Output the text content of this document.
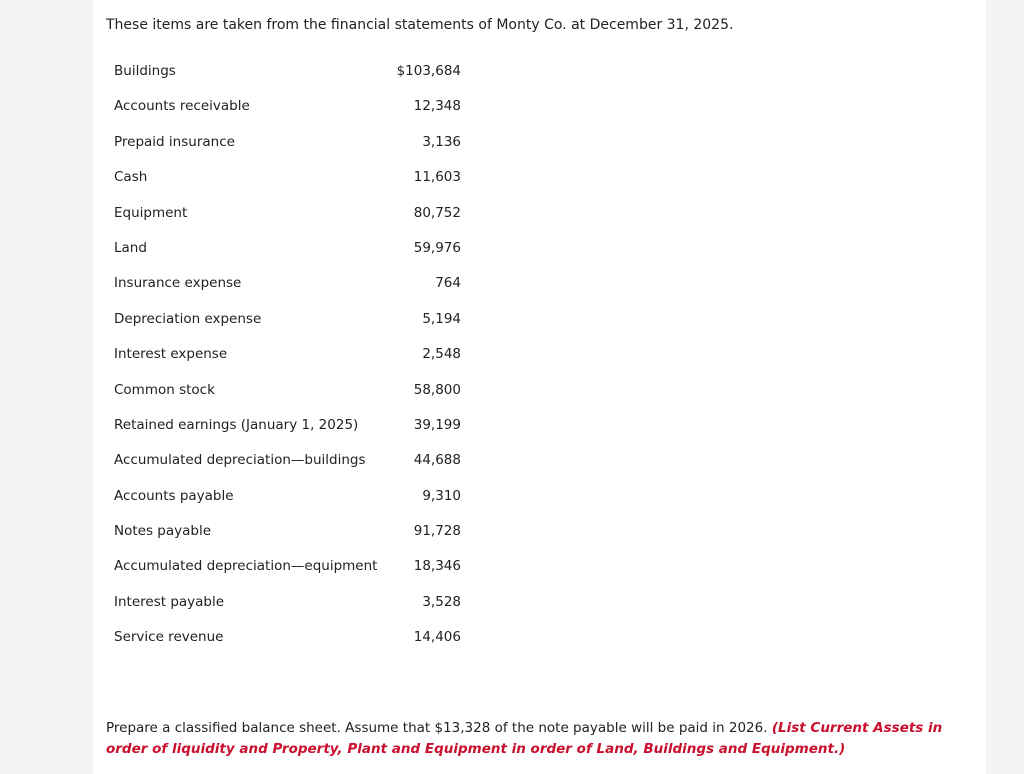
These items are taken from the financial statements of Monty Co. at December 31, 2025.

Buildings	$103,684
Accounts receivable	12,348
Prepaid insurance	3,136
Cash	11,603
Equipment	80,752
Land	59,976
Insurance expense	764
Depreciation expense	5,194
Interest expense	2,548
Common stock	58,800
Retained earnings (January 1, 2025)	39,199
Accumulated depreciation—buildings	44,688
Accounts payable	9,310
Notes payable	91,728
Accumulated depreciation—equipment	18,346
Interest payable	3,528
Service revenue	14,406

Prepare a classified balance sheet. Assume that $13,328 of the note payable will be paid in 2026. (List Current Assets in order of liquidity and Property, Plant and Equipment in order of Land, Buildings and Equipment.)
